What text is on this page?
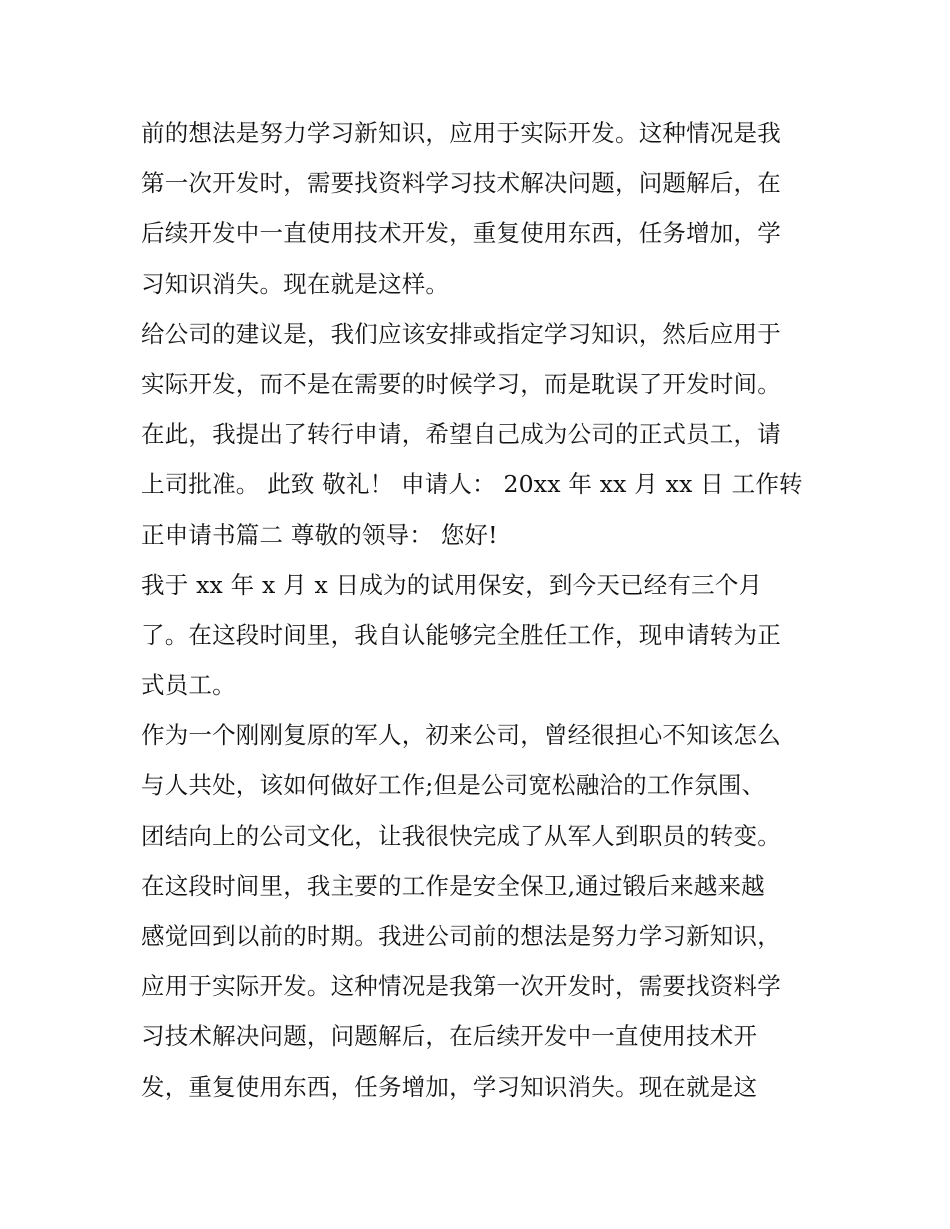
前的想法是努力学习新知识，应用于实际开发。这种情况是我
第一次开发时，需要找资料学习技术解决问题，问题解后，在
后续开发中一直使用技术开发，重复使用东西，任务增加，学
习知识消失。现在就是这样。
给公司的建议是，我们应该安排或指定学习知识，然后应用于
实际开发，而不是在需要的时候学习，而是耽误了开发时间。
在此，我提出了转行申请，希望自己成为公司的正式员工，请
上司批准。 此致 敬礼！ 申请人： 20xx 年 xx 月 xx 日 工作转
正申请书篇二 尊敬的领导： 您好!
我于 xx 年 x 月 x 日成为的试用保安，到今天已经有三个月
了。在这段时间里，我自认能够完全胜任工作，现申请转为正
式员工。
作为一个刚刚复原的军人，初来公司，曾经很担心不知该怎么
与人共处，该如何做好工作;但是公司宽松融洽的工作氛围、
团结向上的公司文化，让我很快完成了从军人到职员的转变。
在这段时间里，我主要的工作是安全保卫,通过锻后来越来越
感觉回到以前的时期。我进公司前的想法是努力学习新知识，
应用于实际开发。这种情况是我第一次开发时，需要找资料学
习技术解决问题，问题解后，在后续开发中一直使用技术开
发，重复使用东西，任务增加，学习知识消失。现在就是这
